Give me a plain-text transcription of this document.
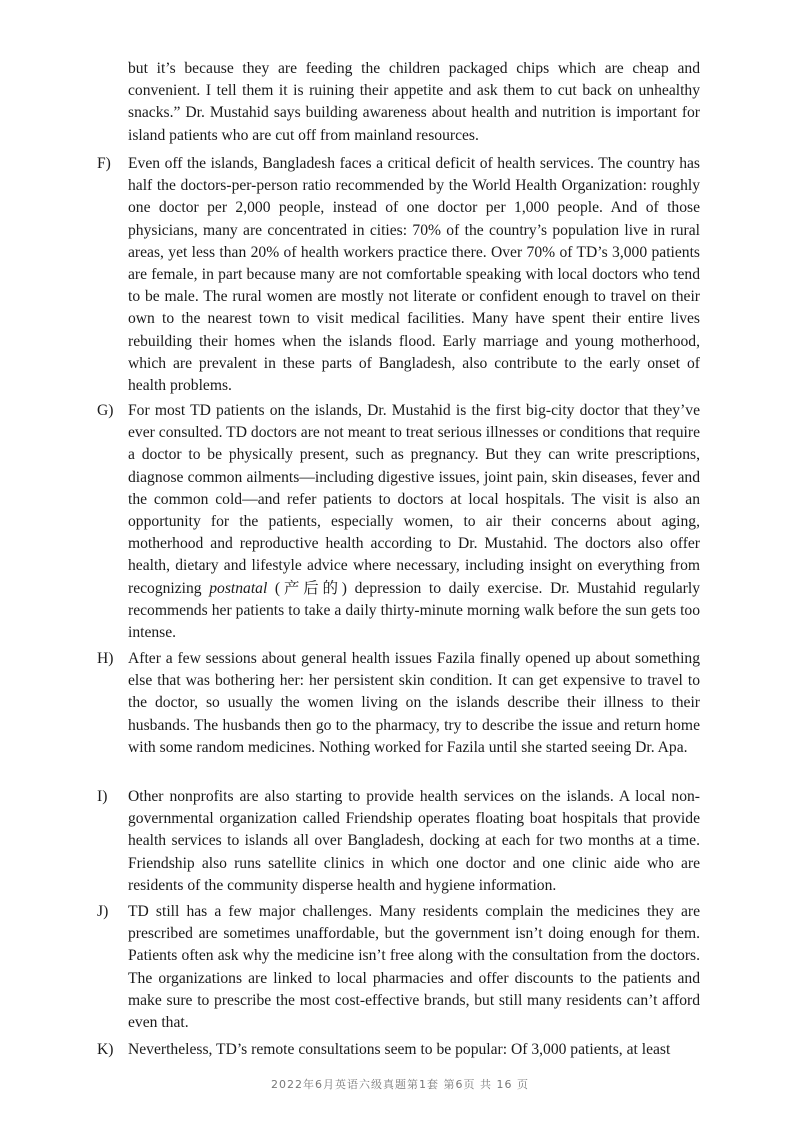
but it’s because they are feeding the children packaged chips which are cheap and convenient. I tell them it is ruining their appetite and ask them to cut back on unhealthy snacks.” Dr. Mustahid says building awareness about health and nutrition is important for island patients who are cut off from mainland resources.

F)	Even off the islands, Bangladesh faces a critical deficit of health services. The country has half the doctors-per-person ratio recommended by the World Health Organization: roughly one doctor per 2,000 people, instead of one doctor per 1,000 people. And of those physicians, many are concentrated in cities: 70% of the country’s population live in rural areas, yet less than 20% of health workers practice there. Over 70% of TD’s 3,000 patients are female, in part because many are not comfortable speaking with local doctors who tend to be male. The rural women are mostly not literate or confident enough to travel on their own to the nearest town to visit medical facilities. Many have spent their entire lives rebuilding their homes when the islands flood. Early marriage and young motherhood, which are prevalent in these parts of Bangladesh, also contribute to the early onset of health problems.

G) For most TD patients on the islands, Dr. Mustahid is the first big-city doctor that they’ve ever consulted. TD doctors are not meant to treat serious illnesses or conditions that require a doctor to be physically present, such as pregnancy. But they can write prescriptions, diagnose common ailments—including digestive issues, joint pain, skin diseases, fever and the common cold—and refer patients to doctors at local hospitals. The visit is also an opportunity for the patients, especially women, to air their concerns about aging, motherhood and reproductive health according to Dr. Mustahid. The doctors also offer health, dietary and lifestyle advice where necessary, including insight on everything from recognizing postnatal (产后的) depression to daily exercise. Dr. Mustahid regularly recommends her patients to take a daily thirty-minute morning walk before the sun gets too intense.

H) After a few sessions about general health issues Fazila finally opened up about something else that was bothering her: her persistent skin condition. It can get expensive to travel to the doctor, so usually the women living on the islands describe their illness to their husbands. The husbands then go to the pharmacy, try to describe the issue and return home with some random medicines. Nothing worked for Fazila until she started seeing Dr. Apa.

I)	Other nonprofits are also starting to provide health services on the islands. A local non-governmental organization called Friendship operates floating boat hospitals that provide health services to islands all over Bangladesh, docking at each for two months at a time. Friendship also runs satellite clinics in which one doctor and one clinic aide who are residents of the community disperse health and hygiene information.

J)	TD still has a few major challenges. Many residents complain the medicines they are prescribed are sometimes unaffordable, but the government isn’t doing enough for them. Patients often ask why the medicine isn’t free along with the consultation from the doctors. The organizations are linked to local pharmacies and offer discounts to the patients and make sure to prescribe the most cost-effective brands, but still many residents can’t afford even that.

K) Nevertheless, TD’s remote consultations seem to be popular: Of 3,000 patients, at least

2022年6月英语六级真题第1套 第6页 共 16 页
